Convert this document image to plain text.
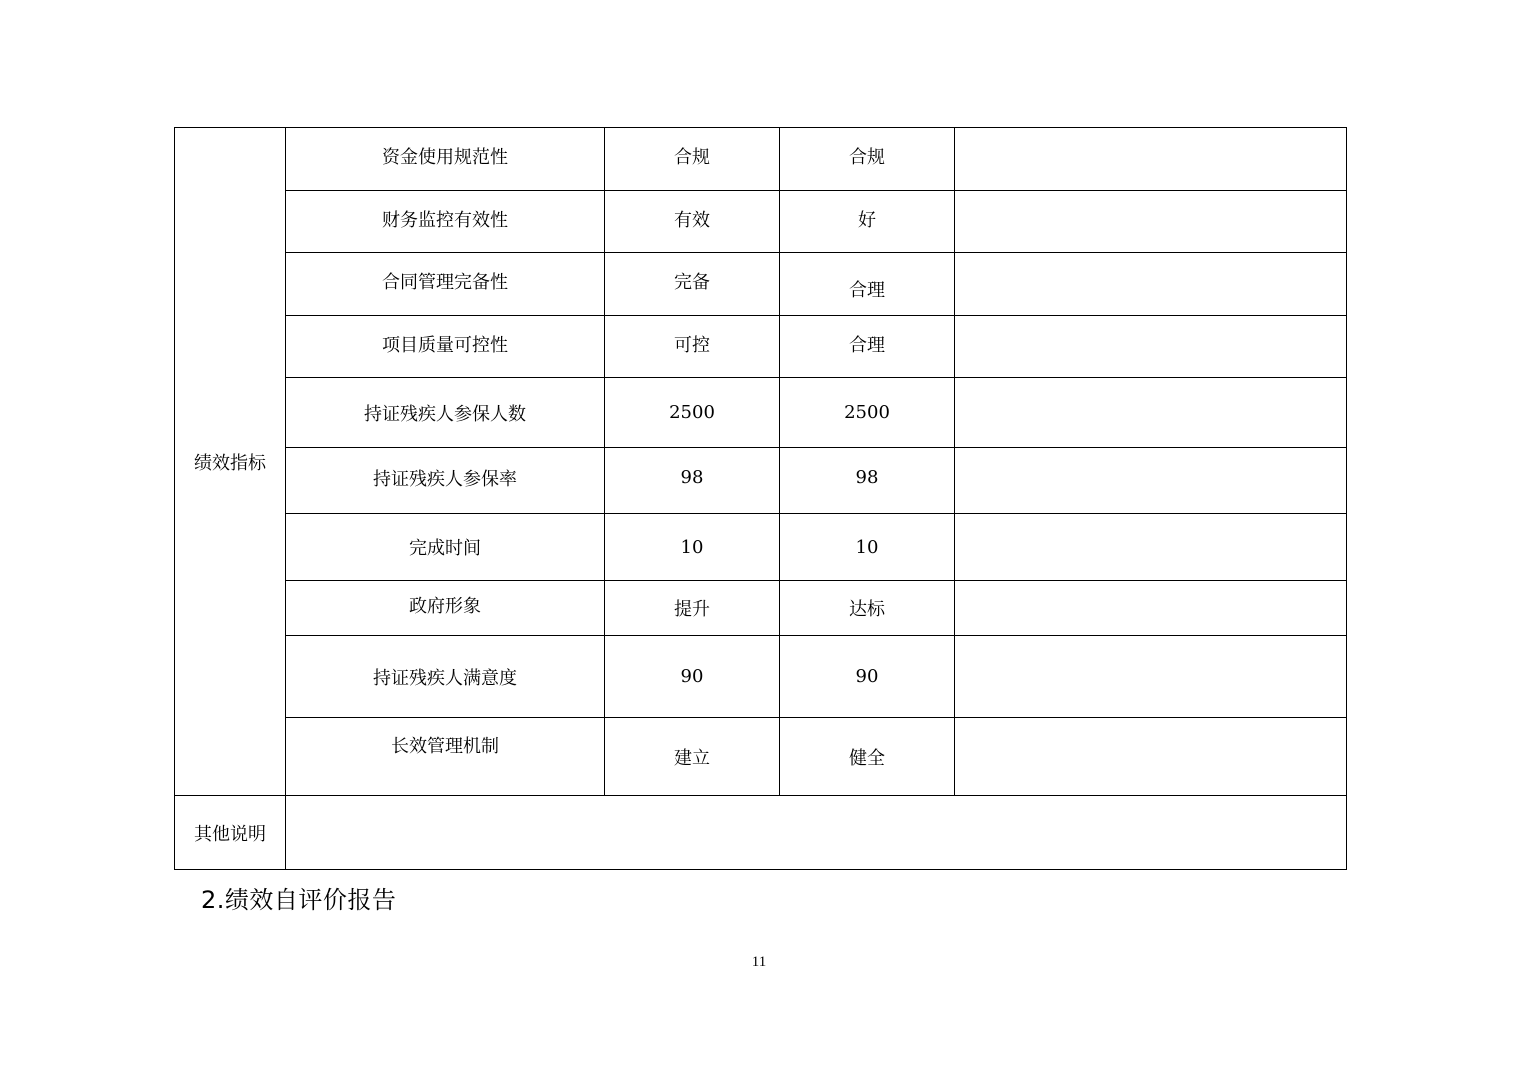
绩效指标	资金使用规范性	合规	合规	

	财务监控有效性	有效	好	

	合同管理完备性	完备	合理	

	项目质量可控性	可控	合理	

	持证残疾人参保人数	2500	2500	

	持证残疾人参保率	98	98	

	完成时间	10	10	

	政府形象	提升	达标	

	持证残疾人满意度	90	90	

	长效管理机制	建立	健全	

其他说明				

2.绩效自评价报告
11
